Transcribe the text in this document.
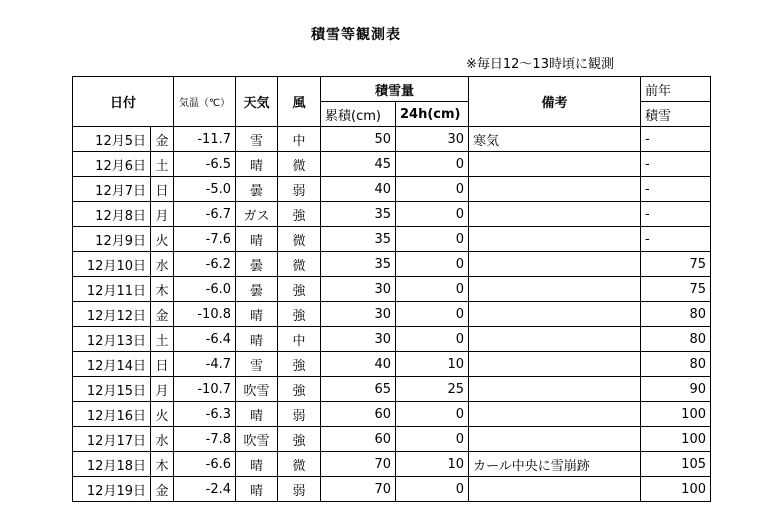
積雪等観測表
※毎日12～13時頃に観測
日付		気温（℃）	天気	風	積雪量		備考	前年
					累積(cm)	24h(cm)		積雪
12月5日	金	-11.7	雪	中	50	30	寒気	-
12月6日	土	-6.5	晴	微	45	0		-
12月7日	日	-5.0	曇	弱	40	0		-
12月8日	月	-6.7	ガス	強	35	0		-
12月9日	火	-7.6	晴	微	35	0		-
12月10日	水	-6.2	曇	微	35	0		75
12月11日	木	-6.0	曇	強	30	0		75
12月12日	金	-10.8	晴	強	30	0		80
12月13日	土	-6.4	晴	中	30	0		80
12月14日	日	-4.7	雪	強	40	10		80
12月15日	月	-10.7	吹雪	強	65	25		90
12月16日	火	-6.3	晴	弱	60	0		100
12月17日	水	-7.8	吹雪	強	60	0		100
12月18日	木	-6.6	晴	微	70	10	カール中央に雪崩跡	105
12月19日	金	-2.4	晴	弱	70	0		100
